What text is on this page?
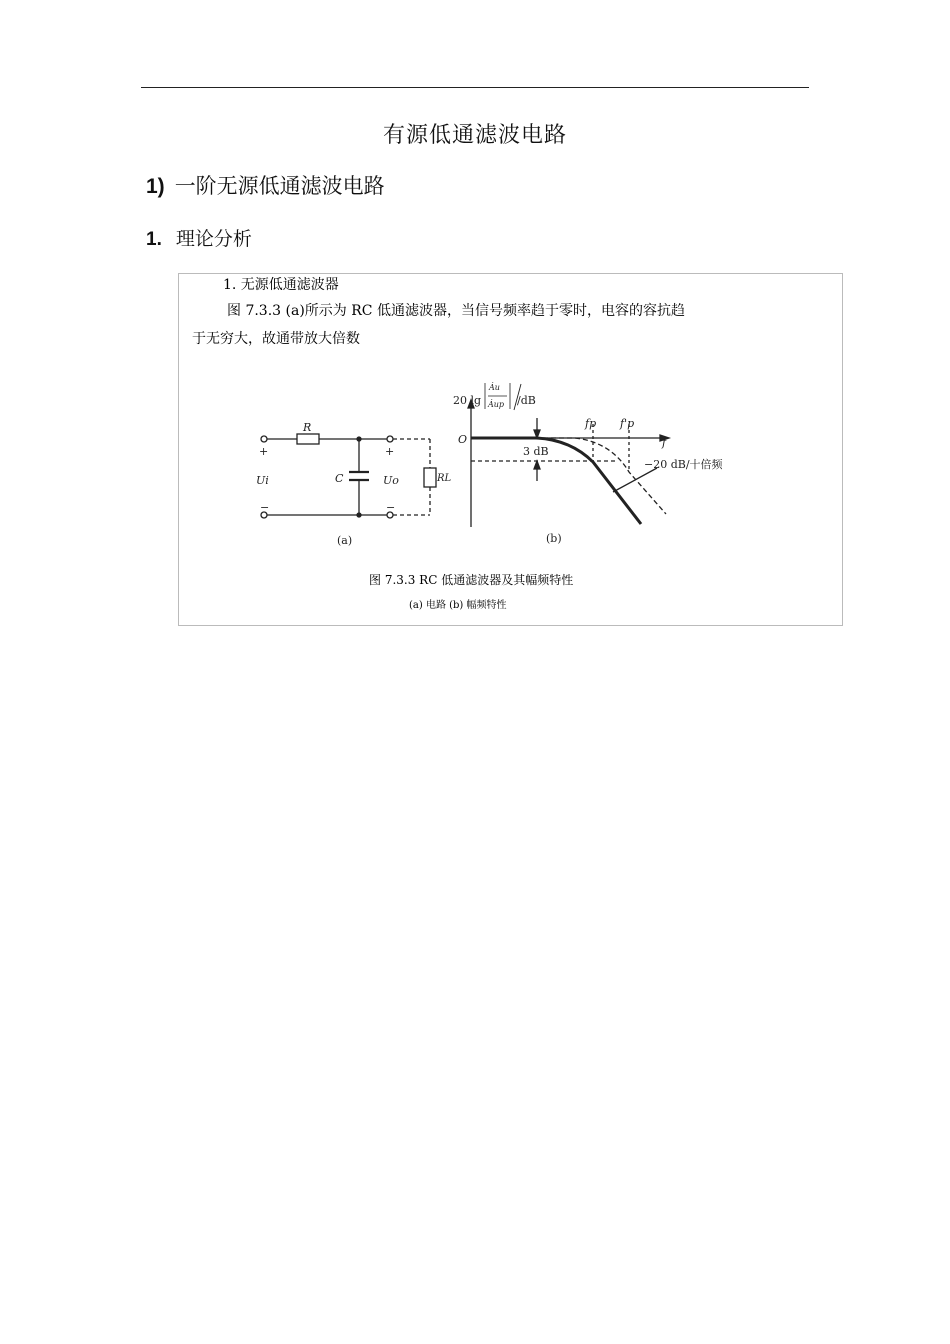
有源低通滤波电路
1) 一阶无源低通滤波电路
1. 理论分析
1. 无源低通滤波器
图 7.3.3 (a)所示为 RC 低通滤波器，当信号频率趋于零时，电容的容抗趋
于无穷大，故通带放大倍数
R
C
Ui	Uo	RL
+	+
−	−
(a)
20 lg
Ȧu
Ȧup /dB
O	f
fp f'p
3 dB
−20 dB/十倍频
(b)
图 7.3.3 RC 低通滤波器及其幅频特性
(a) 电路 (b) 幅频特性
